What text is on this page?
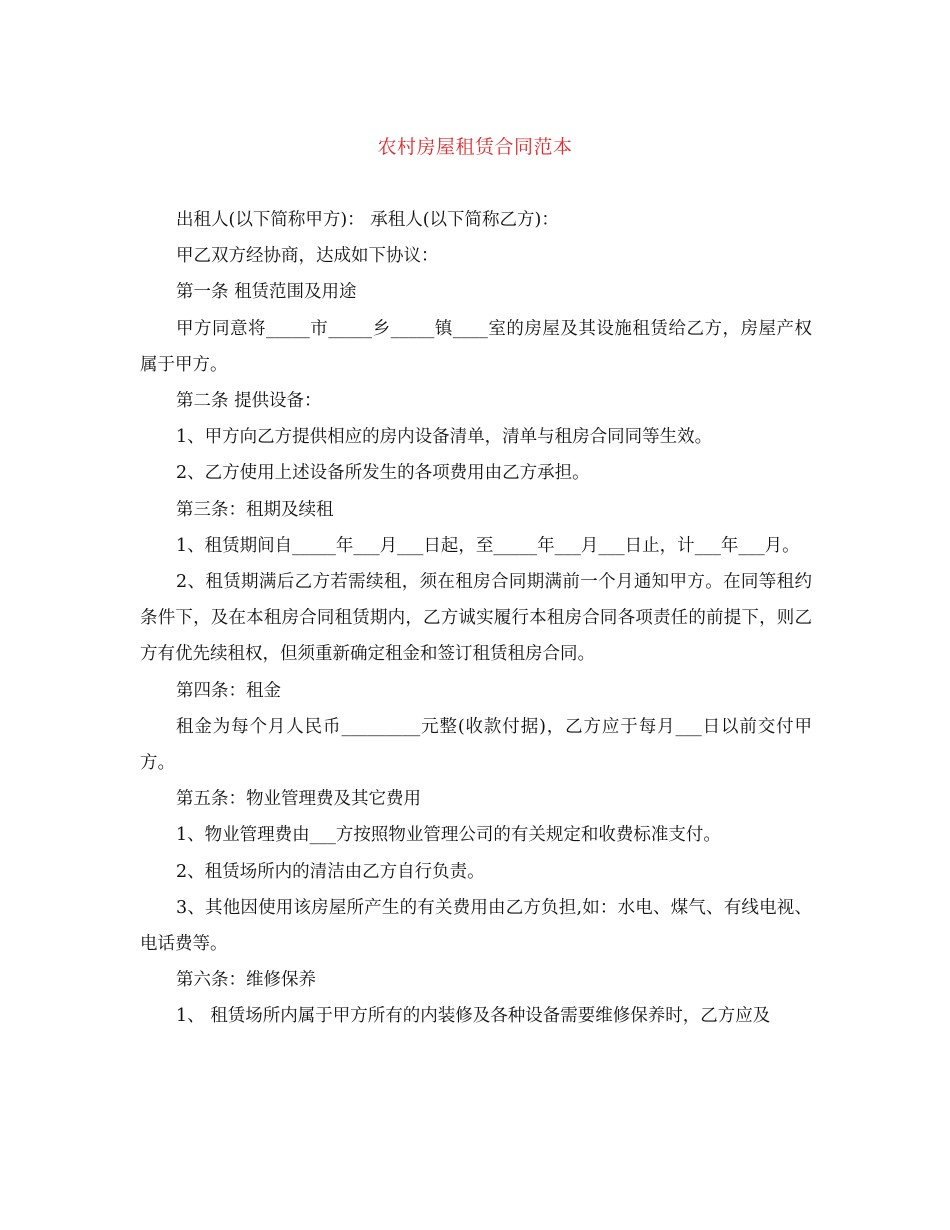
农村房屋租赁合同范本

出租人(以下简称甲方)： 承租人(以下简称乙方)：

甲乙双方经协商，达成如下协议：

第一条 租赁范围及用途

甲方同意将_____市_____乡_____镇____室的房屋及其设施租赁给乙方，房屋产权属于甲方。

第二条 提供设备：

1、甲方向乙方提供相应的房内设备清单，清单与租房合同同等生效。

2、乙方使用上述设备所发生的各项费用由乙方承担。

第三条：租期及续租

1、租赁期间自_____年___月___日起，至_____年___月___日止，计___年___月。

2、租赁期满后乙方若需续租，须在租房合同期满前一个月通知甲方。在同等租约条件下，及在本租房合同租赁期内，乙方诚实履行本租房合同各项责任的前提下，则乙方有优先续租权，但须重新确定租金和签订租赁租房合同。

第四条：租金

租金为每个月人民币_________元整(收款付据)，乙方应于每月___日以前交付甲方。

第五条：物业管理费及其它费用

1、物业管理费由___方按照物业管理公司的有关规定和收费标准支付。

2、租赁场所内的清洁由乙方自行负责。

3、其他因使用该房屋所产生的有关费用由乙方负担,如：水电、煤气、有线电视、电话费等。

第六条：维修保养

1、 租赁场所内属于甲方所有的内装修及各种设备需要维修保养时，乙方应及
